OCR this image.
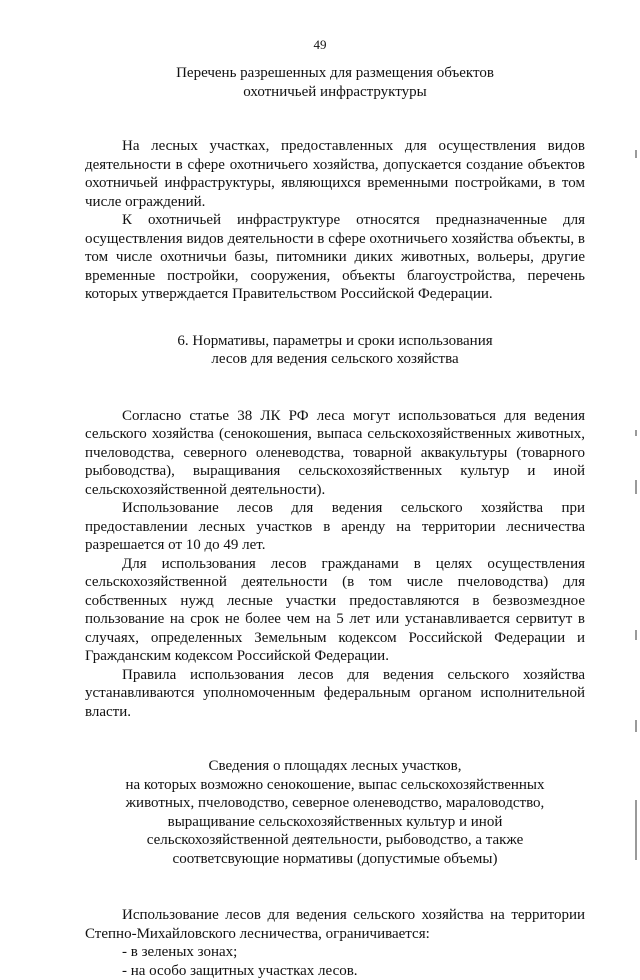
49
Перечень разрешенных для размещения объектов
охотничьей инфраструктуры
На лесных участках, предоставленных для осуществления видов деятельности в сфере охотничьего хозяйства, допускается создание объектов охотничьей инфраструктуры, являющихся временными постройками, в том числе ограждений.
К охотничьей инфраструктуре относятся предназначенные для осуществления видов деятельности в сфере охотничьего хозяйства объекты, в том числе охотничьи базы, питомники диких животных, вольеры, другие временные постройки, сооружения, объекты благоустройства, перечень которых утверждается Правительством Российской Федерации.
6. Нормативы, параметры и сроки использования
лесов для ведения сельского хозяйства
Согласно статье 38 ЛК РФ леса могут использоваться для ведения сельского хозяйства (сенокошения, выпаса сельскохозяйственных животных, пчеловодства, северного оленеводства, товарной аквакультуры (товарного рыбоводства), выращивания сельскохозяйственных культур и иной сельскохозяйственной деятельности).
Использование лесов для ведения сельского хозяйства при предоставлении лесных участков в аренду на территории лесничества разрешается от 10 до 49 лет.
Для использования лесов гражданами в целях осуществления сельскохозяйственной деятельности (в том числе пчеловодства) для собственных нужд лесные участки предоставляются в безвозмездное пользование на срок не более чем на 5 лет или устанавливается сервитут в случаях, определенных Земельным кодексом Российской Федерации и Гражданским кодексом Российской Федерации.
Правила использования лесов для ведения сельского хозяйства устанавливаются уполномоченным федеральным органом исполнительной власти.
Сведения о площадях лесных участков,
на которых возможно сенокошение, выпас сельскохозяйственных
животных, пчеловодство, северное оленеводство, мараловодство,
выращивание сельскохозяйственных культур и иной
сельскохозяйственной деятельности, рыбоводство, а также
соответсвующие нормативы (допустимые объемы)
Использование лесов для ведения сельского хозяйства на территории Степно-Михайловского лесничества, ограничивается:
- в зеленых зонах;
- на особо защитных участках лесов.
